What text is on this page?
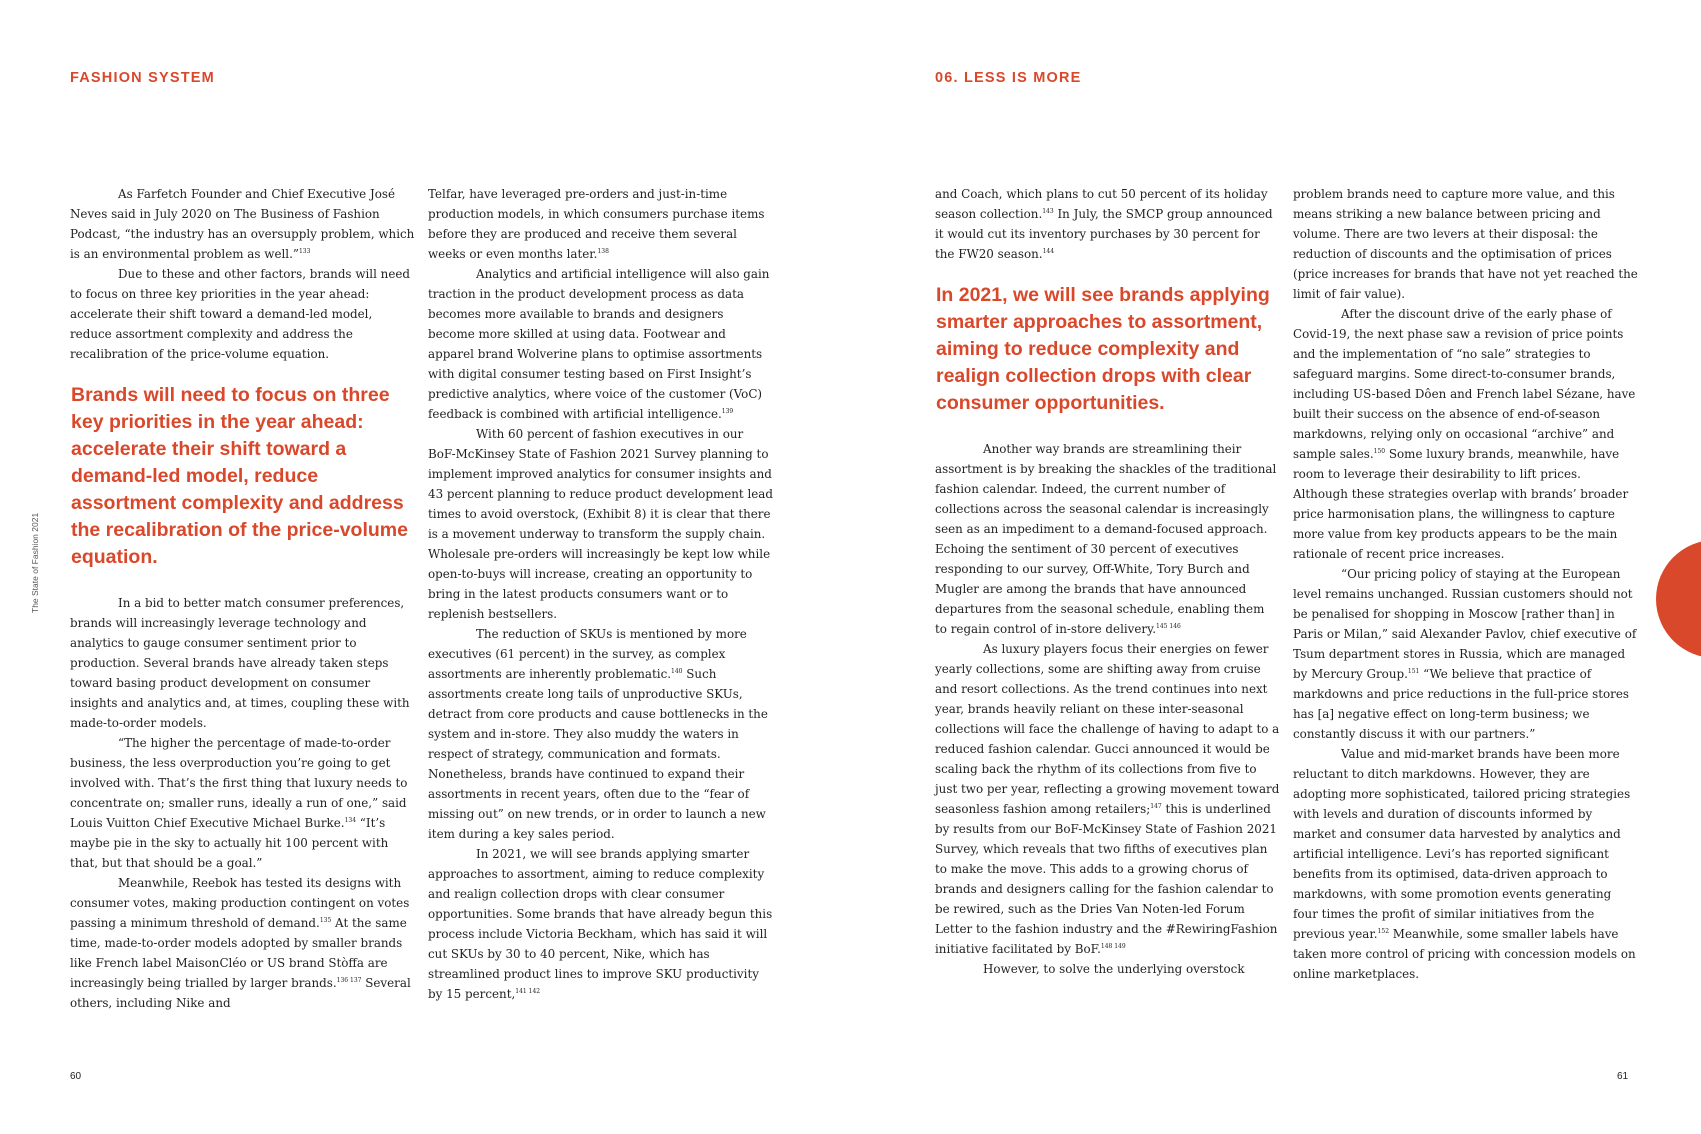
FASHION SYSTEM	06. LESS IS MORE
The State of Fashion 2021

As Farfetch Founder and Chief Executive José Neves said in July 2020 on The Business of Fashion Podcast, “the industry has an oversupply problem, which is an environmental problem as well.”$^{133}$

Due to these and other factors, brands will need to focus on three key priorities in the year ahead: accelerate their shift toward a demand-led model, reduce assortment complexity and address the recalibration of the price-volume equation.

Brands will need to focus on three key priorities in the year ahead: accelerate their shift toward a demand-led model, reduce assortment complexity and address the recalibration of the price-volume equation.

In a bid to better match consumer preferences, brands will increasingly leverage technology and analytics to gauge consumer sentiment prior to production. Several brands have already taken steps toward basing product development on consumer insights and analytics and, at times, coupling these with made-to-order models.

“The higher the percentage of made-to-order business, the less overproduction you’re going to get involved with. That’s the first thing that luxury needs to concentrate on; smaller runs, ideally a run of one,” said Louis Vuitton Chief Executive Michael Burke.$^{134}$ “It’s maybe pie in the sky to actually hit 100 percent with that, but that should be a goal.”

Meanwhile, Reebok has tested its designs with consumer votes, making production contingent on votes passing a minimum threshold of demand.$^{135}$ At the same time, made-to-order models adopted by smaller brands like French label MaisonCléo or US brand Stòffa are increasingly being trialled by larger brands.$^{136 137}$ Several others, including Nike and

Telfar, have leveraged pre-orders and just-in-time production models, in which consumers purchase items before they are produced and receive them several weeks or even months later.$^{138}$

Analytics and artificial intelligence will also gain traction in the product development process as data becomes more available to brands and designers become more skilled at using data. Footwear and apparel brand Wolverine plans to optimise assortments with digital consumer testing based on First Insight’s predictive analytics, where voice of the customer (VoC) feedback is combined with artificial intelligence.$^{139}$

With 60 percent of fashion executives in our BoF-McKinsey State of Fashion 2021 Survey planning to implement improved analytics for consumer insights and 43 percent planning to reduce product development lead times to avoid overstock, (Exhibit 8) it is clear that there is a movement underway to transform the supply chain. Wholesale pre-orders will increasingly be kept low while open-to-buys will increase, creating an opportunity to bring in the latest products consumers want or to replenish bestsellers.

The reduction of SKUs is mentioned by more executives (61 percent) in the survey, as complex assortments are inherently problematic.$^{140}$ Such assortments create long tails of unproductive SKUs, detract from core products and cause bottlenecks in the system and in-store. They also muddy the waters in respect of strategy, communication and formats. Nonetheless, brands have continued to expand their assortments in recent years, often due to the “fear of missing out” on new trends, or in order to launch a new item during a key sales period.

In 2021, we will see brands applying smarter approaches to assortment, aiming to reduce complexity and realign collection drops with clear consumer opportunities. Some brands that have already begun this process include Victoria Beckham, which has said it will cut SKUs by 30 to 40 percent, Nike, which has streamlined product lines to improve SKU productivity by 15 percent,$^{141 142}$

and Coach, which plans to cut 50 percent of its holiday season collection.$^{143}$ In July, the SMCP group announced it would cut its inventory purchases by 30 percent for the FW20 season.$^{144}$

In 2021, we will see brands applying smarter approaches to assortment, aiming to reduce complexity and realign collection drops with clear consumer opportunities.

Another way brands are streamlining their assortment is by breaking the shackles of the traditional fashion calendar. Indeed, the current number of collections across the seasonal calendar is increasingly seen as an impediment to a demand-focused approach. Echoing the sentiment of 30 percent of executives responding to our survey, Off-White, Tory Burch and Mugler are among the brands that have announced departures from the seasonal schedule, enabling them to regain control of in-store delivery.$^{145 146}$

As luxury players focus their energies on fewer yearly collections, some are shifting away from cruise and resort collections. As the trend continues into next year, brands heavily reliant on these inter-seasonal collections will face the challenge of having to adapt to a reduced fashion calendar. Gucci announced it would be scaling back the rhythm of its collections from five to just two per year, reflecting a growing movement toward seasonless fashion among retailers;$^{147}$ this is underlined by results from our BoF-McKinsey State of Fashion 2021 Survey, which reveals that two fifths of executives plan to make the move. This adds to a growing chorus of brands and designers calling for the fashion calendar to be rewired, such as the Dries Van Noten-led Forum Letter to the fashion industry and the #RewiringFashion initiative facilitated by BoF.$^{148 149}$

However, to solve the underlying overstock

problem brands need to capture more value, and this means striking a new balance between pricing and volume. There are two levers at their disposal: the reduction of discounts and the optimisation of prices (price increases for brands that have not yet reached the limit of fair value).

After the discount drive of the early phase of Covid-19, the next phase saw a revision of price points and the implementation of “no sale” strategies to safeguard margins. Some direct-to-consumer brands, including US-based Dôen and French label Sézane, have built their success on the absence of end-of-season markdowns, relying only on occasional “archive” and sample sales.$^{150}$ Some luxury brands, meanwhile, have room to leverage their desirability to lift prices. Although these strategies overlap with brands’ broader price harmonisation plans, the willingness to capture more value from key products appears to be the main rationale of recent price increases.

“Our pricing policy of staying at the European level remains unchanged. Russian customers should not be penalised for shopping in Moscow [rather than] in Paris or Milan,” said Alexander Pavlov, chief executive of Tsum department stores in Russia, which are managed by Mercury Group.$^{151}$ “We believe that practice of markdowns and price reductions in the full-price stores has [a] negative effect on long-term business; we constantly discuss it with our partners.”

Value and mid-market brands have been more reluctant to ditch markdowns. However, they are adopting more sophisticated, tailored pricing strategies with levels and duration of discounts informed by market and consumer data harvested by analytics and artificial intelligence. Levi’s has reported significant benefits from its optimised, data-driven approach to markdowns, with some promotion events generating four times the profit of similar initiatives from the previous year.$^{152}$ Meanwhile, some smaller labels have taken more control of pricing with concession models on online marketplaces.

60	61
